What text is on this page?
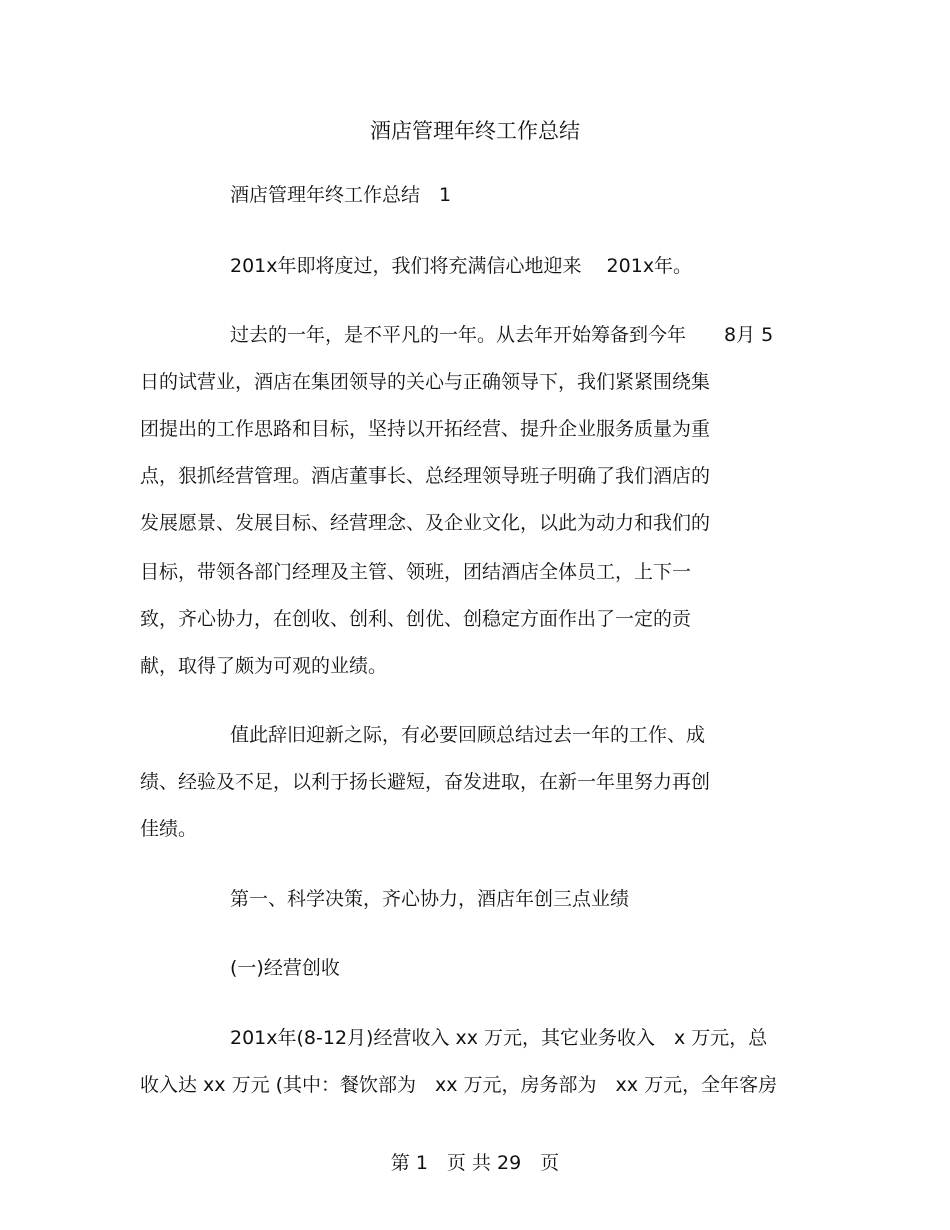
酒店管理年终工作总结
酒店管理年终工作总结　1
201x年即将度过，我们将充满信心地迎来　 201x年。
过去的一年，是不平凡的一年。从去年开始筹备到今年　　8月 5
日的试营业，酒店在集团领导的关心与正确领导下，我们紧紧围绕集
团提出的工作思路和目标，坚持以开拓经营、提升企业服务质量为重
点，狠抓经营管理。酒店董事长、总经理领导班子明确了我们酒店的
发展愿景、发展目标、经营理念、及企业文化，以此为动力和我们的
目标，带领各部门经理及主管、领班，团结酒店全体员工，上下一
致，齐心协力，在创收、创利、创优、创稳定方面作出了一定的贡
献，取得了颇为可观的业绩。
值此辞旧迎新之际，有必要回顾总结过去一年的工作、成
绩、经验及不足，以利于扬长避短，奋发进取，在新一年里努力再创
佳绩。
第一、科学决策，齐心协力，酒店年创三点业绩
(一)经营创收
201x年(8-12月)经营收入 xx 万元，其它业务收入　x 万元，总
收入达 xx 万元 (其中：餐饮部为　xx 万元，房务部为　xx 万元，全年客房
第 1　页 共 29　页
